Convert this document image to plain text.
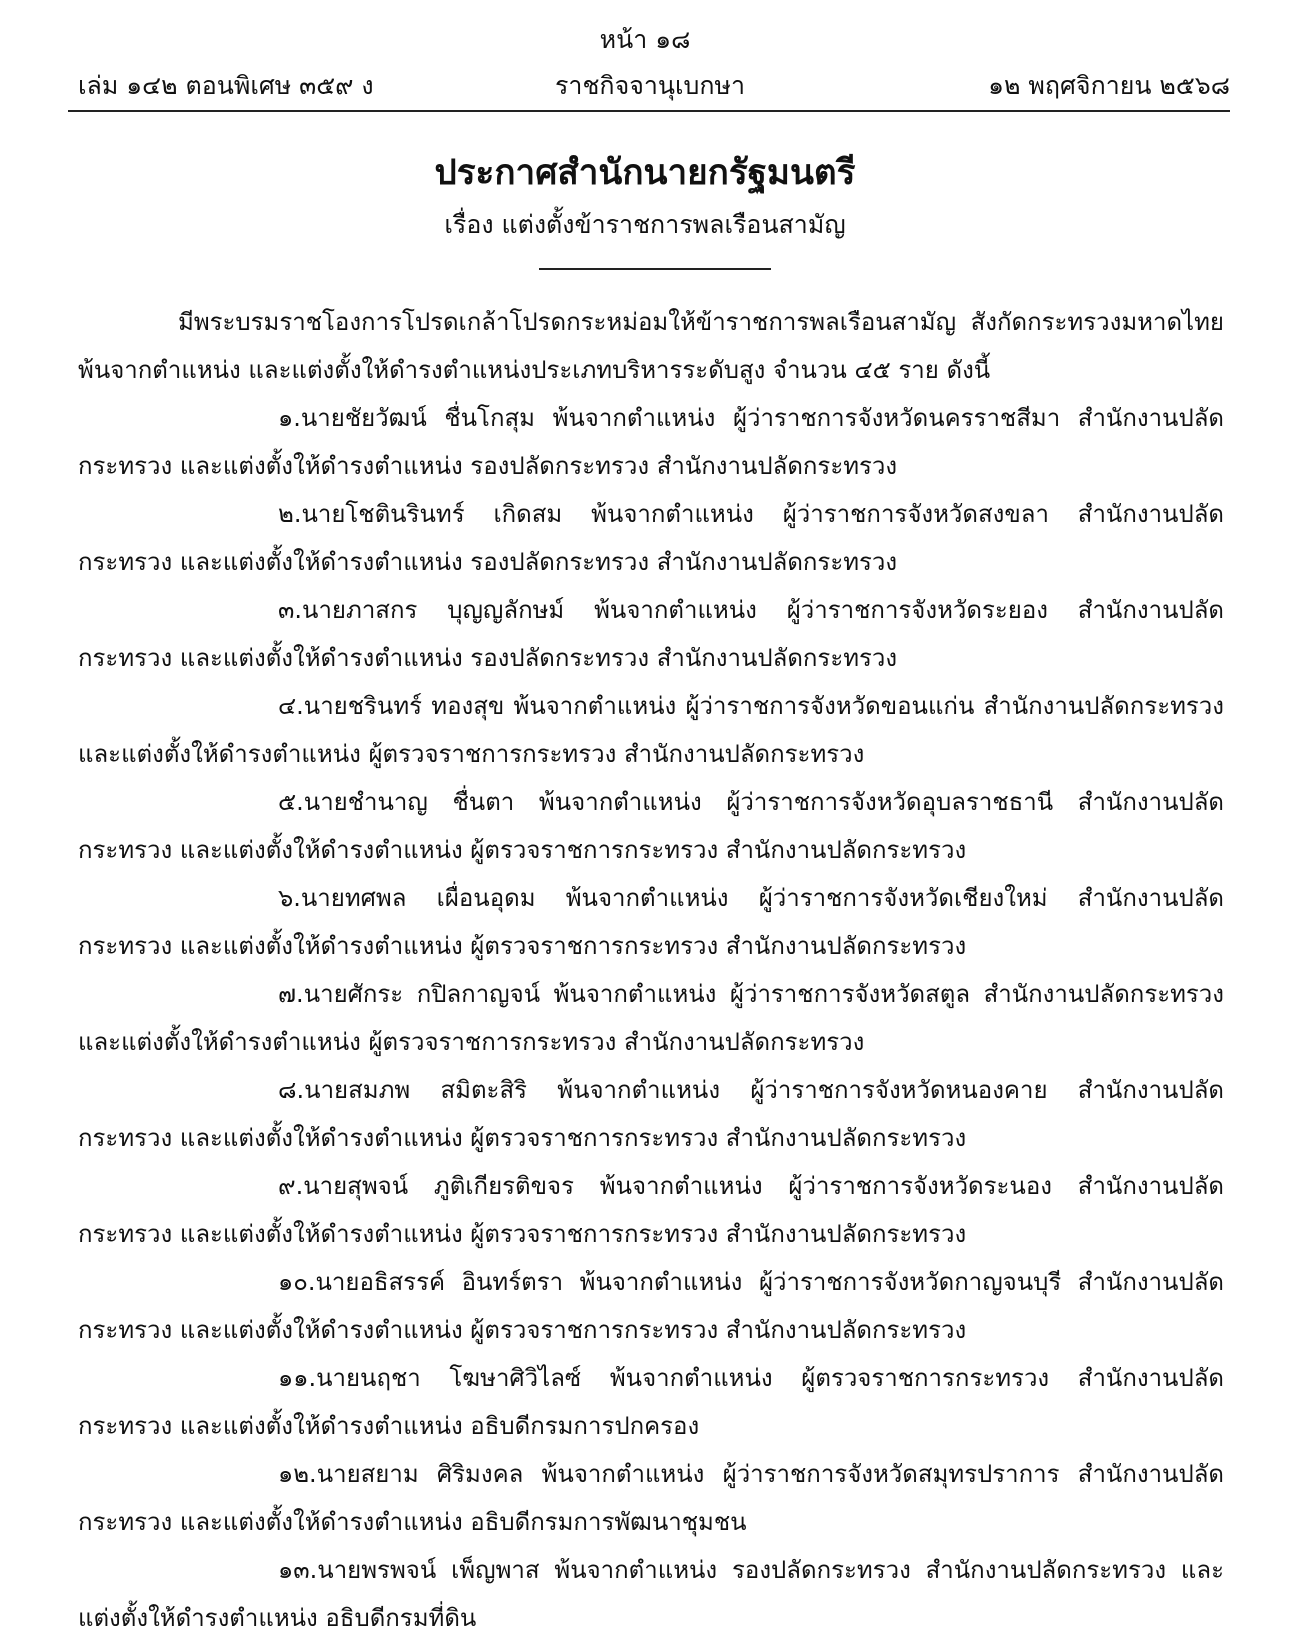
หน้า ๑๘
เล่ม ๑๔๒ ตอนพิเศษ ๓๕๙ ง	ราชกิจจานุเบกษา	๑๒ พฤศจิกายน ๒๕๖๘
ประกาศสำนักนายกรัฐมนตรี
เรื่อง แต่งตั้งข้าราชการพลเรือนสามัญ

มีพระบรมราชโองการโปรดเกล้าโปรดกระหม่อมให้ข้าราชการพลเรือนสามัญ สังกัดกระทรวงมหาดไทย พ้นจากตำแหน่ง และแต่งตั้งให้ดำรงตำแหน่งประเภทบริหารระดับสูง จำนวน ๔๕ ราย ดังนี้

๑.นายชัยวัฒน์ ชื่นโกสุม พ้นจากตำแหน่ง ผู้ว่าราชการจังหวัดนครราชสีมา สำนักงานปลัดกระทรวง และแต่งตั้งให้ดำรงตำแหน่ง รองปลัดกระทรวง สำนักงานปลัดกระทรวง

๒.นายโชตินรินทร์ เกิดสม พ้นจากตำแหน่ง ผู้ว่าราชการจังหวัดสงขลา สำนักงานปลัดกระทรวง และแต่งตั้งให้ดำรงตำแหน่ง รองปลัดกระทรวง สำนักงานปลัดกระทรวง

๓.นายภาสกร บุญญลักษม์ พ้นจากตำแหน่ง ผู้ว่าราชการจังหวัดระยอง สำนักงานปลัดกระทรวง และแต่งตั้งให้ดำรงตำแหน่ง รองปลัดกระทรวง สำนักงานปลัดกระทรวง

๔.นายชรินทร์ ทองสุข พ้นจากตำแหน่ง ผู้ว่าราชการจังหวัดขอนแก่น สำนักงานปลัดกระทรวง และแต่งตั้งให้ดำรงตำแหน่ง ผู้ตรวจราชการกระทรวง สำนักงานปลัดกระทรวง

๕.นายชำนาญ ชื่นตา พ้นจากตำแหน่ง ผู้ว่าราชการจังหวัดอุบลราชธานี สำนักงานปลัดกระทรวง และแต่งตั้งให้ดำรงตำแหน่ง ผู้ตรวจราชการกระทรวง สำนักงานปลัดกระทรวง

๖.นายทศพล เผื่อนอุดม พ้นจากตำแหน่ง ผู้ว่าราชการจังหวัดเชียงใหม่ สำนักงานปลัดกระทรวง และแต่งตั้งให้ดำรงตำแหน่ง ผู้ตรวจราชการกระทรวง สำนักงานปลัดกระทรวง

๗.นายศักระ กปิลกาญจน์ พ้นจากตำแหน่ง ผู้ว่าราชการจังหวัดสตูล สำนักงานปลัดกระทรวง และแต่งตั้งให้ดำรงตำแหน่ง ผู้ตรวจราชการกระทรวง สำนักงานปลัดกระทรวง

๘.นายสมภพ สมิตะสิริ พ้นจากตำแหน่ง ผู้ว่าราชการจังหวัดหนองคาย สำนักงานปลัดกระทรวง และแต่งตั้งให้ดำรงตำแหน่ง ผู้ตรวจราชการกระทรวง สำนักงานปลัดกระทรวง

๙.นายสุพจน์ ภูติเกียรติขจร พ้นจากตำแหน่ง ผู้ว่าราชการจังหวัดระนอง สำนักงานปลัดกระทรวง และแต่งตั้งให้ดำรงตำแหน่ง ผู้ตรวจราชการกระทรวง สำนักงานปลัดกระทรวง

๑๐.นายอธิสรรค์ อินทร์ตรา พ้นจากตำแหน่ง ผู้ว่าราชการจังหวัดกาญจนบุรี สำนักงานปลัดกระทรวง และแต่งตั้งให้ดำรงตำแหน่ง ผู้ตรวจราชการกระทรวง สำนักงานปลัดกระทรวง

๑๑.นายนฤชา โฆษาศิวิไลซ์ พ้นจากตำแหน่ง ผู้ตรวจราชการกระทรวง สำนักงานปลัดกระทรวง และแต่งตั้งให้ดำรงตำแหน่ง อธิบดีกรมการปกครอง

๑๒.นายสยาม ศิริมงคล พ้นจากตำแหน่ง ผู้ว่าราชการจังหวัดสมุทรปราการ สำนักงานปลัดกระทรวง และแต่งตั้งให้ดำรงตำแหน่ง อธิบดีกรมการพัฒนาชุมชน

๑๓.นายพรพจน์ เพ็ญพาส พ้นจากตำแหน่ง รองปลัดกระทรวง สำนักงานปลัดกระทรวง และแต่งตั้งให้ดำรงตำแหน่ง อธิบดีกรมที่ดิน
